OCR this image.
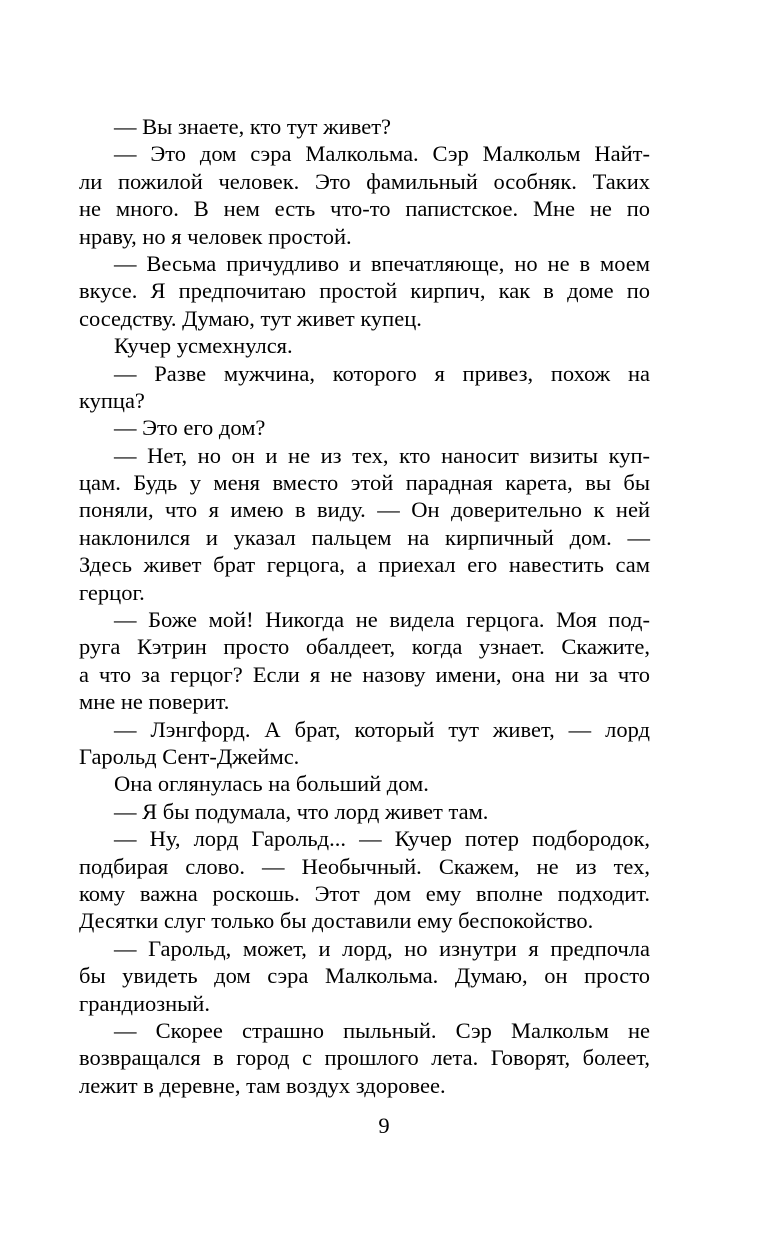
— Вы знаете, кто тут живет?
— Это дом сэра Малкольма. Сэр Малкольм Найт-
ли пожилой человек. Это фамильный особняк. Таких
не много. В нем есть что-то папистское. Мне не по
нраву, но я человек простой.
— Весьма причудливо и впечатляюще, но не в моем
вкусе. Я предпочитаю простой кирпич, как в доме по
соседству. Думаю, тут живет купец.
Кучер усмехнулся.
— Разве мужчина, которого я привез, похож на
купца?
— Это его дом?
— Нет, но он и не из тех, кто наносит визиты куп-
цам. Будь у меня вместо этой парадная карета, вы бы
поняли, что я имею в виду. — Он доверительно к ней
наклонился и указал пальцем на кирпичный дом. —
Здесь живет брат герцога, а приехал его навестить сам
герцог.
— Боже мой! Никогда не видела герцога. Моя под-
руга Кэтрин просто обалдеет, когда узнает. Скажите,
а что за герцог? Если я не назову имени, она ни за что
мне не поверит.
— Лэнгфорд. А брат, который тут живет, — лорд
Гарольд Сент-Джеймс.
Она оглянулась на больший дом.
— Я бы подумала, что лорд живет там.
— Ну, лорд Гарольд... — Кучер потер подбородок,
подбирая слово. — Необычный. Скажем, не из тех,
кому важна роскошь. Этот дом ему вполне подходит.
Десятки слуг только бы доставили ему беспокойство.
— Гарольд, может, и лорд, но изнутри я предпочла
бы увидеть дом сэра Малкольма. Думаю, он просто
грандиозный.
— Скорее страшно пыльный. Сэр Малкольм не
возвращался в город с прошлого лета. Говорят, болеет,
лежит в деревне, там воздух здоровее.
9
